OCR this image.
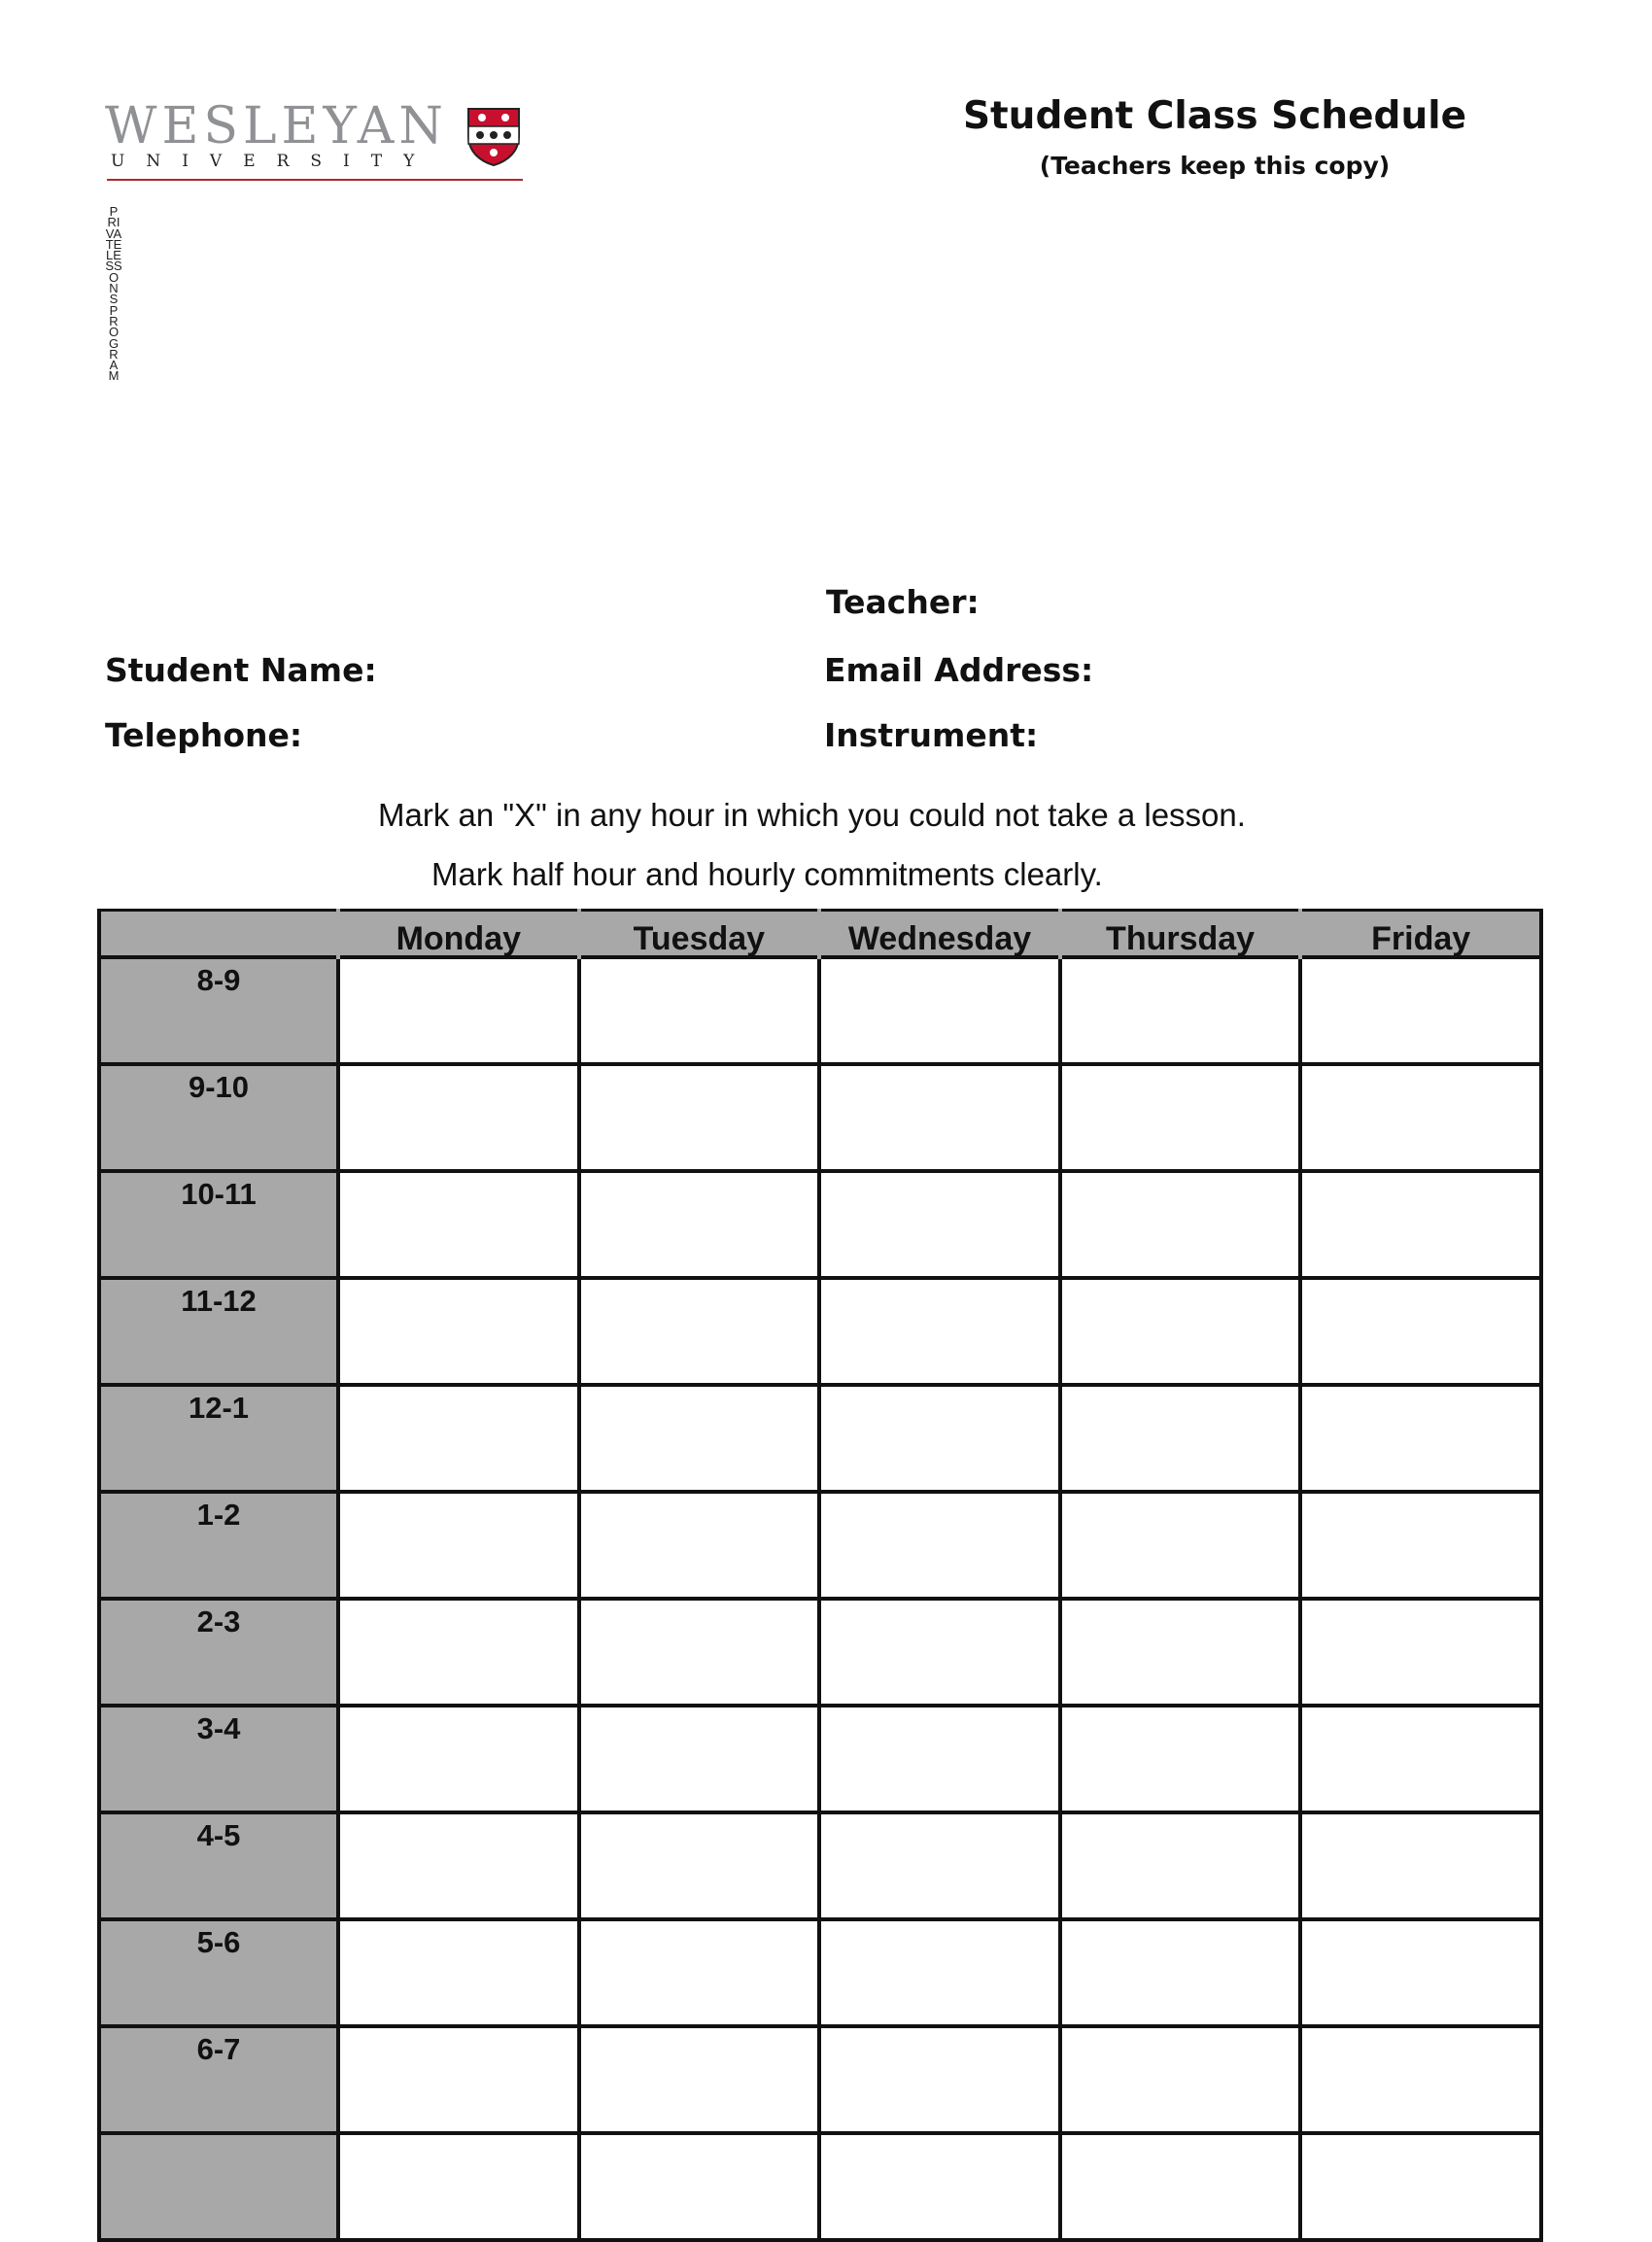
WESLEYAN
UNIVERSITY
Student Class Schedule
(Teachers keep this copy)
PRIVATE LESSONS PROGRAM
Teacher:
Student Name:	Email Address:
Telephone:	Instrument:
Mark an "X" in any hour in which you could not take a lesson.
Mark half hour and hourly commitments clearly.
	Monday	Tuesday	Wednesday	Thursday	Friday
8-9					
9-10					
10-11					
11-12					
12-1					
1-2					
2-3					
3-4					
4-5					
5-6					
6-7					
